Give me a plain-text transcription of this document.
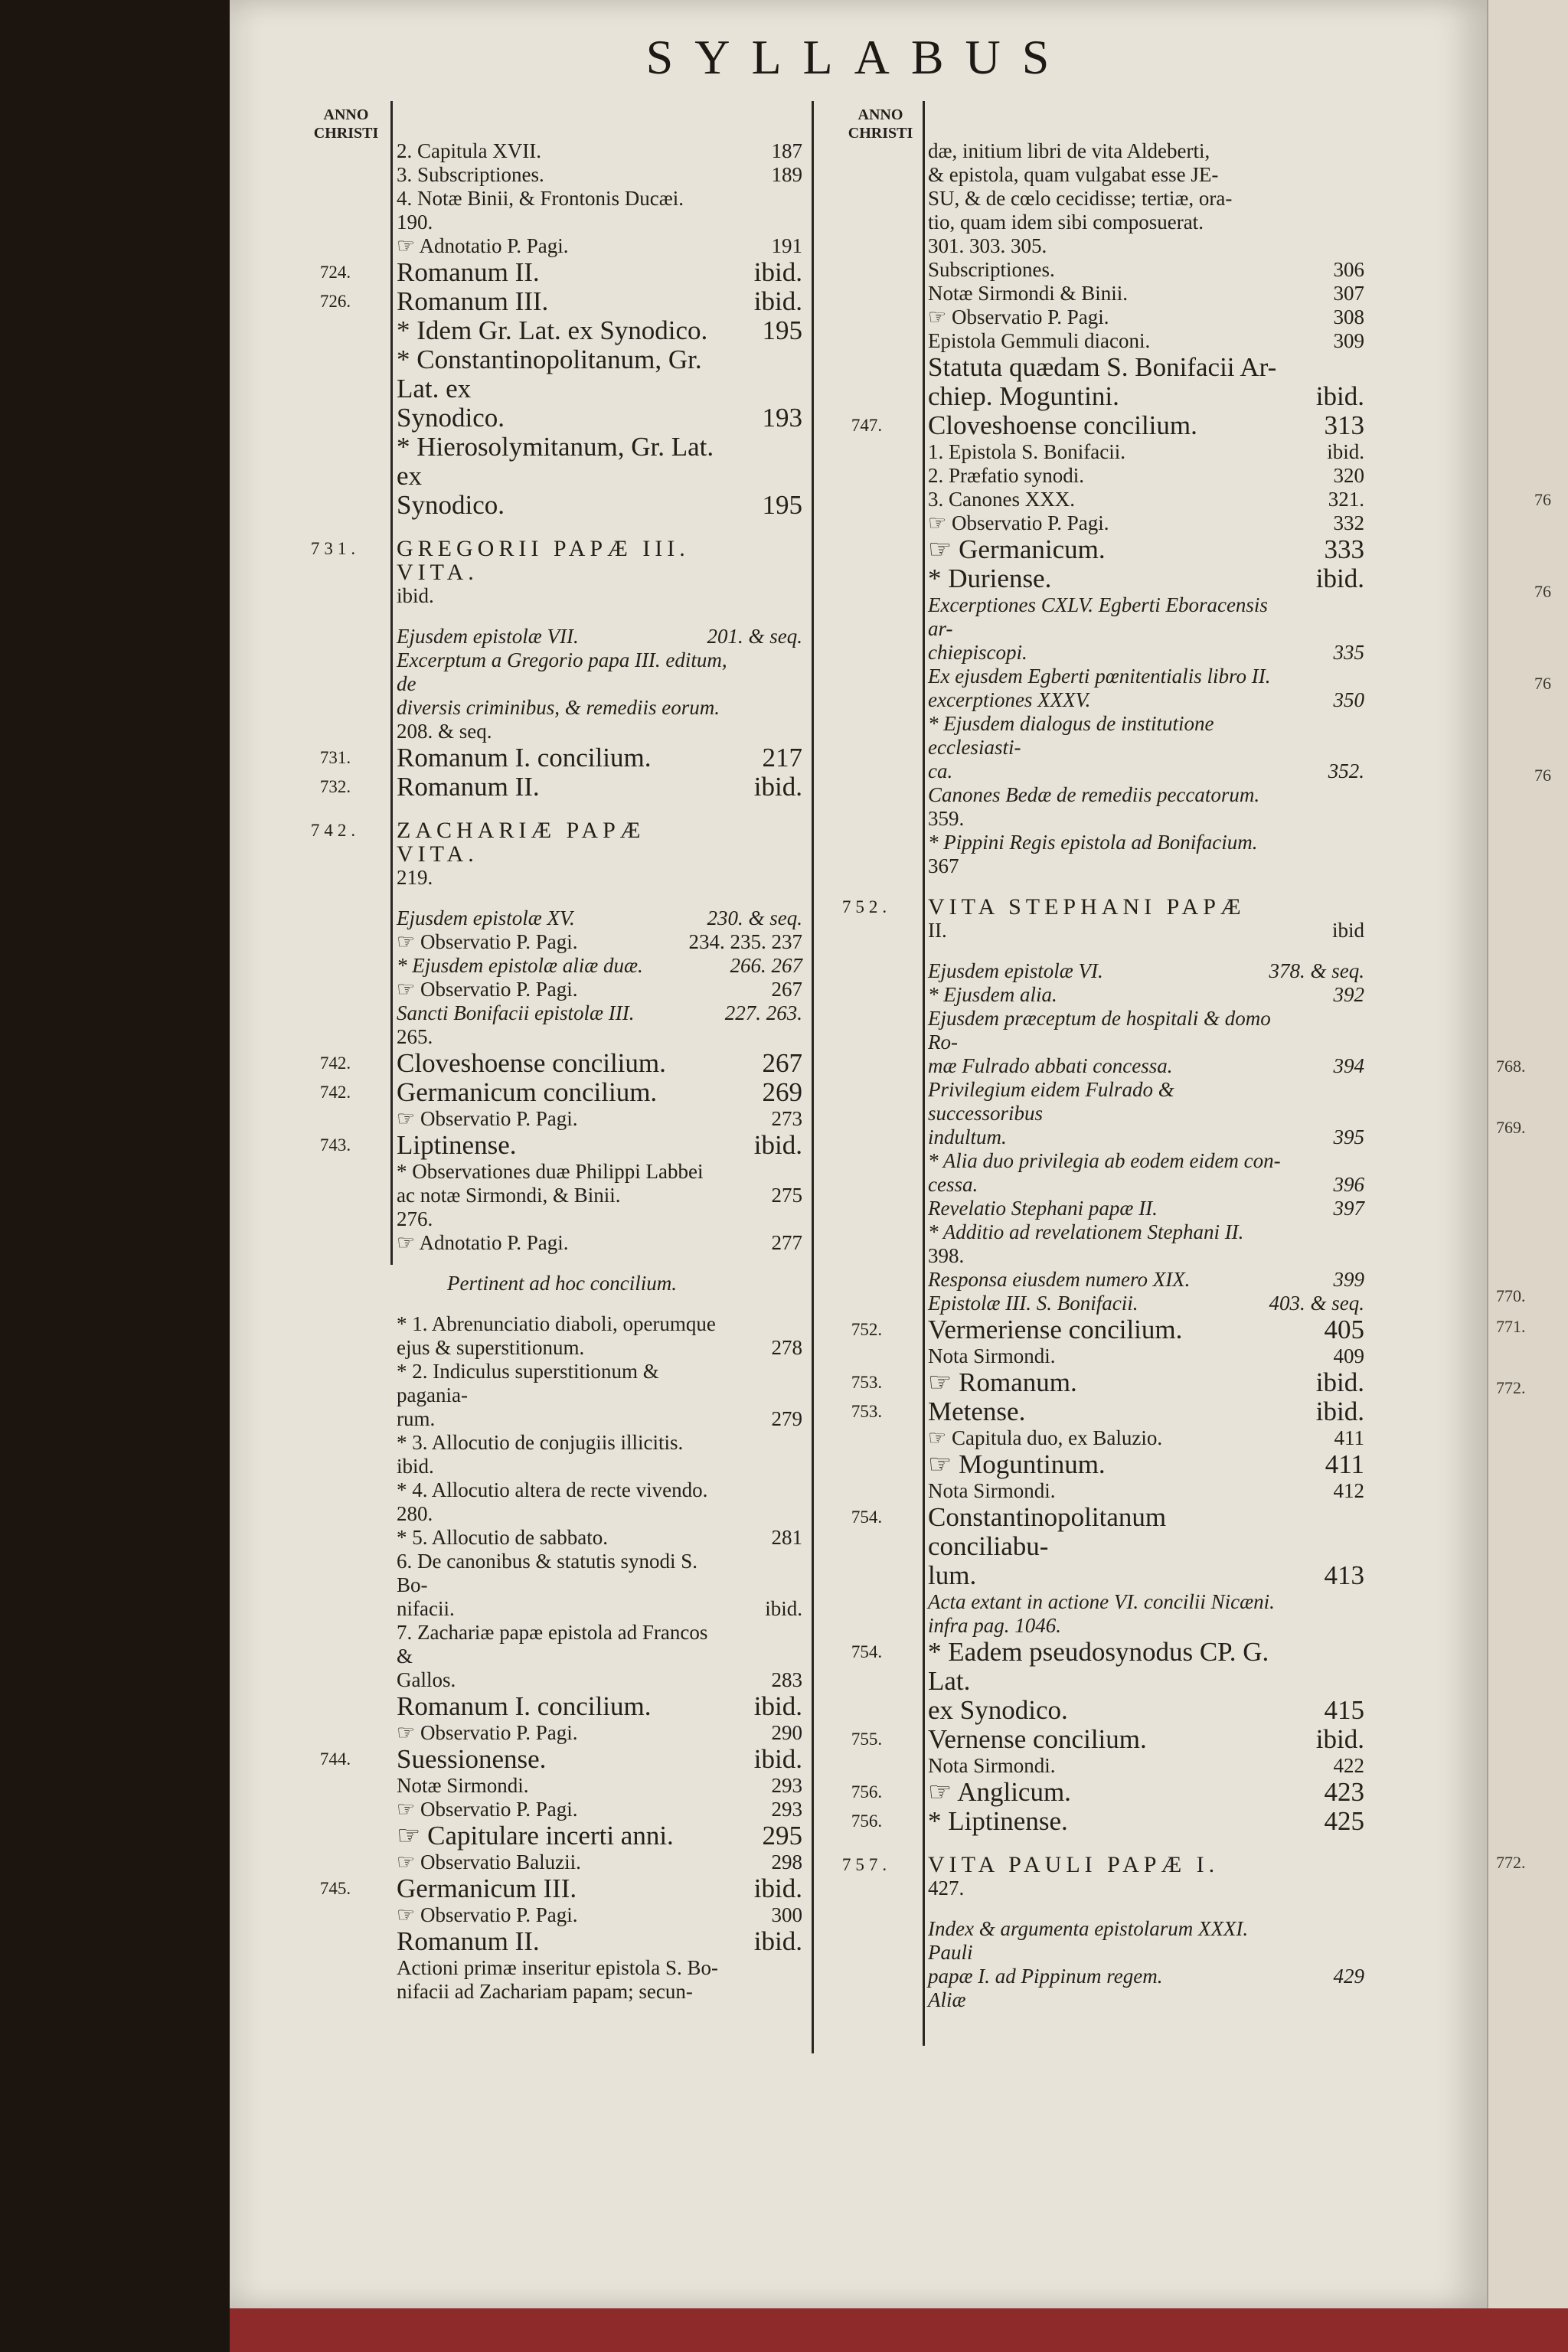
SYLLABUS
ANNO CHRISTI
ANNO CHRISTI
2. Capitula XVII.	187
3. Subscriptiones.	189
4. Notæ Binii, & Frontonis Ducæi.
190.
☞ Adnotatio P. Pagi.	191
724.	Romanum II.	ibid.
726.	Romanum III.	ibid.
* Idem Gr. Lat. ex Synodico.	195
* Constantinopolitanum, Gr. Lat. ex
Synodico.	193
* Hierosolymitanum, Gr. Lat. ex
Synodico.	195
731.	GREGORII PAPÆ III. VITA.
ibid.
Ejusdem epistolæ VII.	201. & seq.
Excerptum a Gregorio papa III. editum, de
diversis criminibus, & remediis eorum.
208. & seq.
731.	Romanum I. concilium.	217
732.	Romanum II.	ibid.
742.	ZACHARIÆ PAPÆ VITA.
219.
Ejusdem epistolæ XV.	230. & seq.
☞ Observatio P. Pagi.	234. 235. 237
* Ejusdem epistolæ aliæ duæ.	266. 267
☞ Observatio P. Pagi.	267
Sancti Bonifacii epistolæ III.	227. 263.
265.
742.	Cloveshoense concilium.	267
742.	Germanicum concilium.	269
☞ Observatio P. Pagi.	273
743.	Liptinense.	ibid.
* Observationes duæ Philippi Labbei
ac notæ Sirmondi, & Binii.	275
276.
☞ Adnotatio P. Pagi.	277
Pertinent ad hoc concilium.
* 1. Abrenunciatio diaboli, operumque
ejus & superstitionum.	278
* 2. Indiculus superstitionum & pagania-
rum.	279
* 3. Allocutio de conjugiis illicitis.
ibid.
* 4. Allocutio altera de recte vivendo.
280.
* 5. Allocutio de sabbato.	281
6. De canonibus & statutis synodi S. Bo-
nifacii.	ibid.
7. Zachariæ papæ epistola ad Francos &
Gallos.	283
Romanum I. concilium.	ibid.
☞ Observatio P. Pagi.	290
744.	Suessionense.	ibid.
Notæ Sirmondi.	293
☞ Observatio P. Pagi.	293
☞ Capitulare incerti anni.	295
☞ Observatio Baluzii.	298
745.	Germanicum III.	ibid.
☞ Observatio P. Pagi.	300
Romanum II.	ibid.
Actioni primæ inseritur epistola S. Bo-
nifacii ad Zachariam papam; secun-
dæ, initium libri de vita Aldeberti,
& epistola, quam vulgabat esse JE-
SU, & de cœlo cecidisse; tertiæ, ora-
tio, quam idem sibi composuerat.
301. 303. 305.
Subscriptiones.	306
Notæ Sirmondi & Binii.	307
☞ Observatio P. Pagi.	308
Epistola Gemmuli diaconi.	309
Statuta quædam S. Bonifacii Ar-
chiep. Moguntini.	ibid.
747.	Cloveshoense concilium.	313
1. Epistola S. Bonifacii.	ibid.
2. Præfatio synodi.	320
3. Canones XXX.	321.
☞ Observatio P. Pagi.	332
☞ Germanicum.	333
* Duriense.	ibid.
Excerptiones CXLV. Egberti Eboracensis ar-
chiepiscopi.	335
Ex ejusdem Egberti pœnitentialis libro II.
excerptiones XXXV.	350
* Ejusdem dialogus de institutione ecclesiasti-
ca.	352.
Canones Bedæ de remediis peccatorum.
359.
* Pippini Regis epistola ad Bonifacium.
367
752.	VITA STEPHANI PAPÆ
II.	ibid
Ejusdem epistolæ VI.	378. & seq.
* Ejusdem alia.	392
Ejusdem præceptum de hospitali & domo Ro-
mæ Fulrado abbati concessa.	394
Privilegium eidem Fulrado & successoribus
indultum.	395
* Alia duo privilegia ab eodem eidem con-
cessa.	396
Revelatio Stephani papæ II.	397
* Additio ad revelationem Stephani II.
398.
Responsa eiusdem numero XIX.	399
Epistolæ III. S. Bonifacii.	403. & seq.
752.	Vermeriense concilium.	405
Nota Sirmondi.	409
753.	☞ Romanum.	ibid.
753.	Metense.	ibid.
☞ Capitula duo, ex Baluzio.	411
☞ Moguntinum.	411
Nota Sirmondi.	412
754.	Constantinopolitanum conciliabu-
lum.	413
Acta extant in actione VI. concilii Nicæni.
infra pag. 1046.
754.	* Eadem pseudosynodus CP. G. Lat.
ex Synodico.	415
755.	Vernense concilium.	ibid.
Nota Sirmondi.	422
756.	☞ Anglicum.	423
756.	* Liptinense.	425
757.	VITA PAULI PAPÆ I.
427.
Index & argumenta epistolarum XXXI. Pauli
papæ I. ad Pippinum regem.	429
Aliæ
76
76
76
76
768.
769.
770.
771.
772.
772.
